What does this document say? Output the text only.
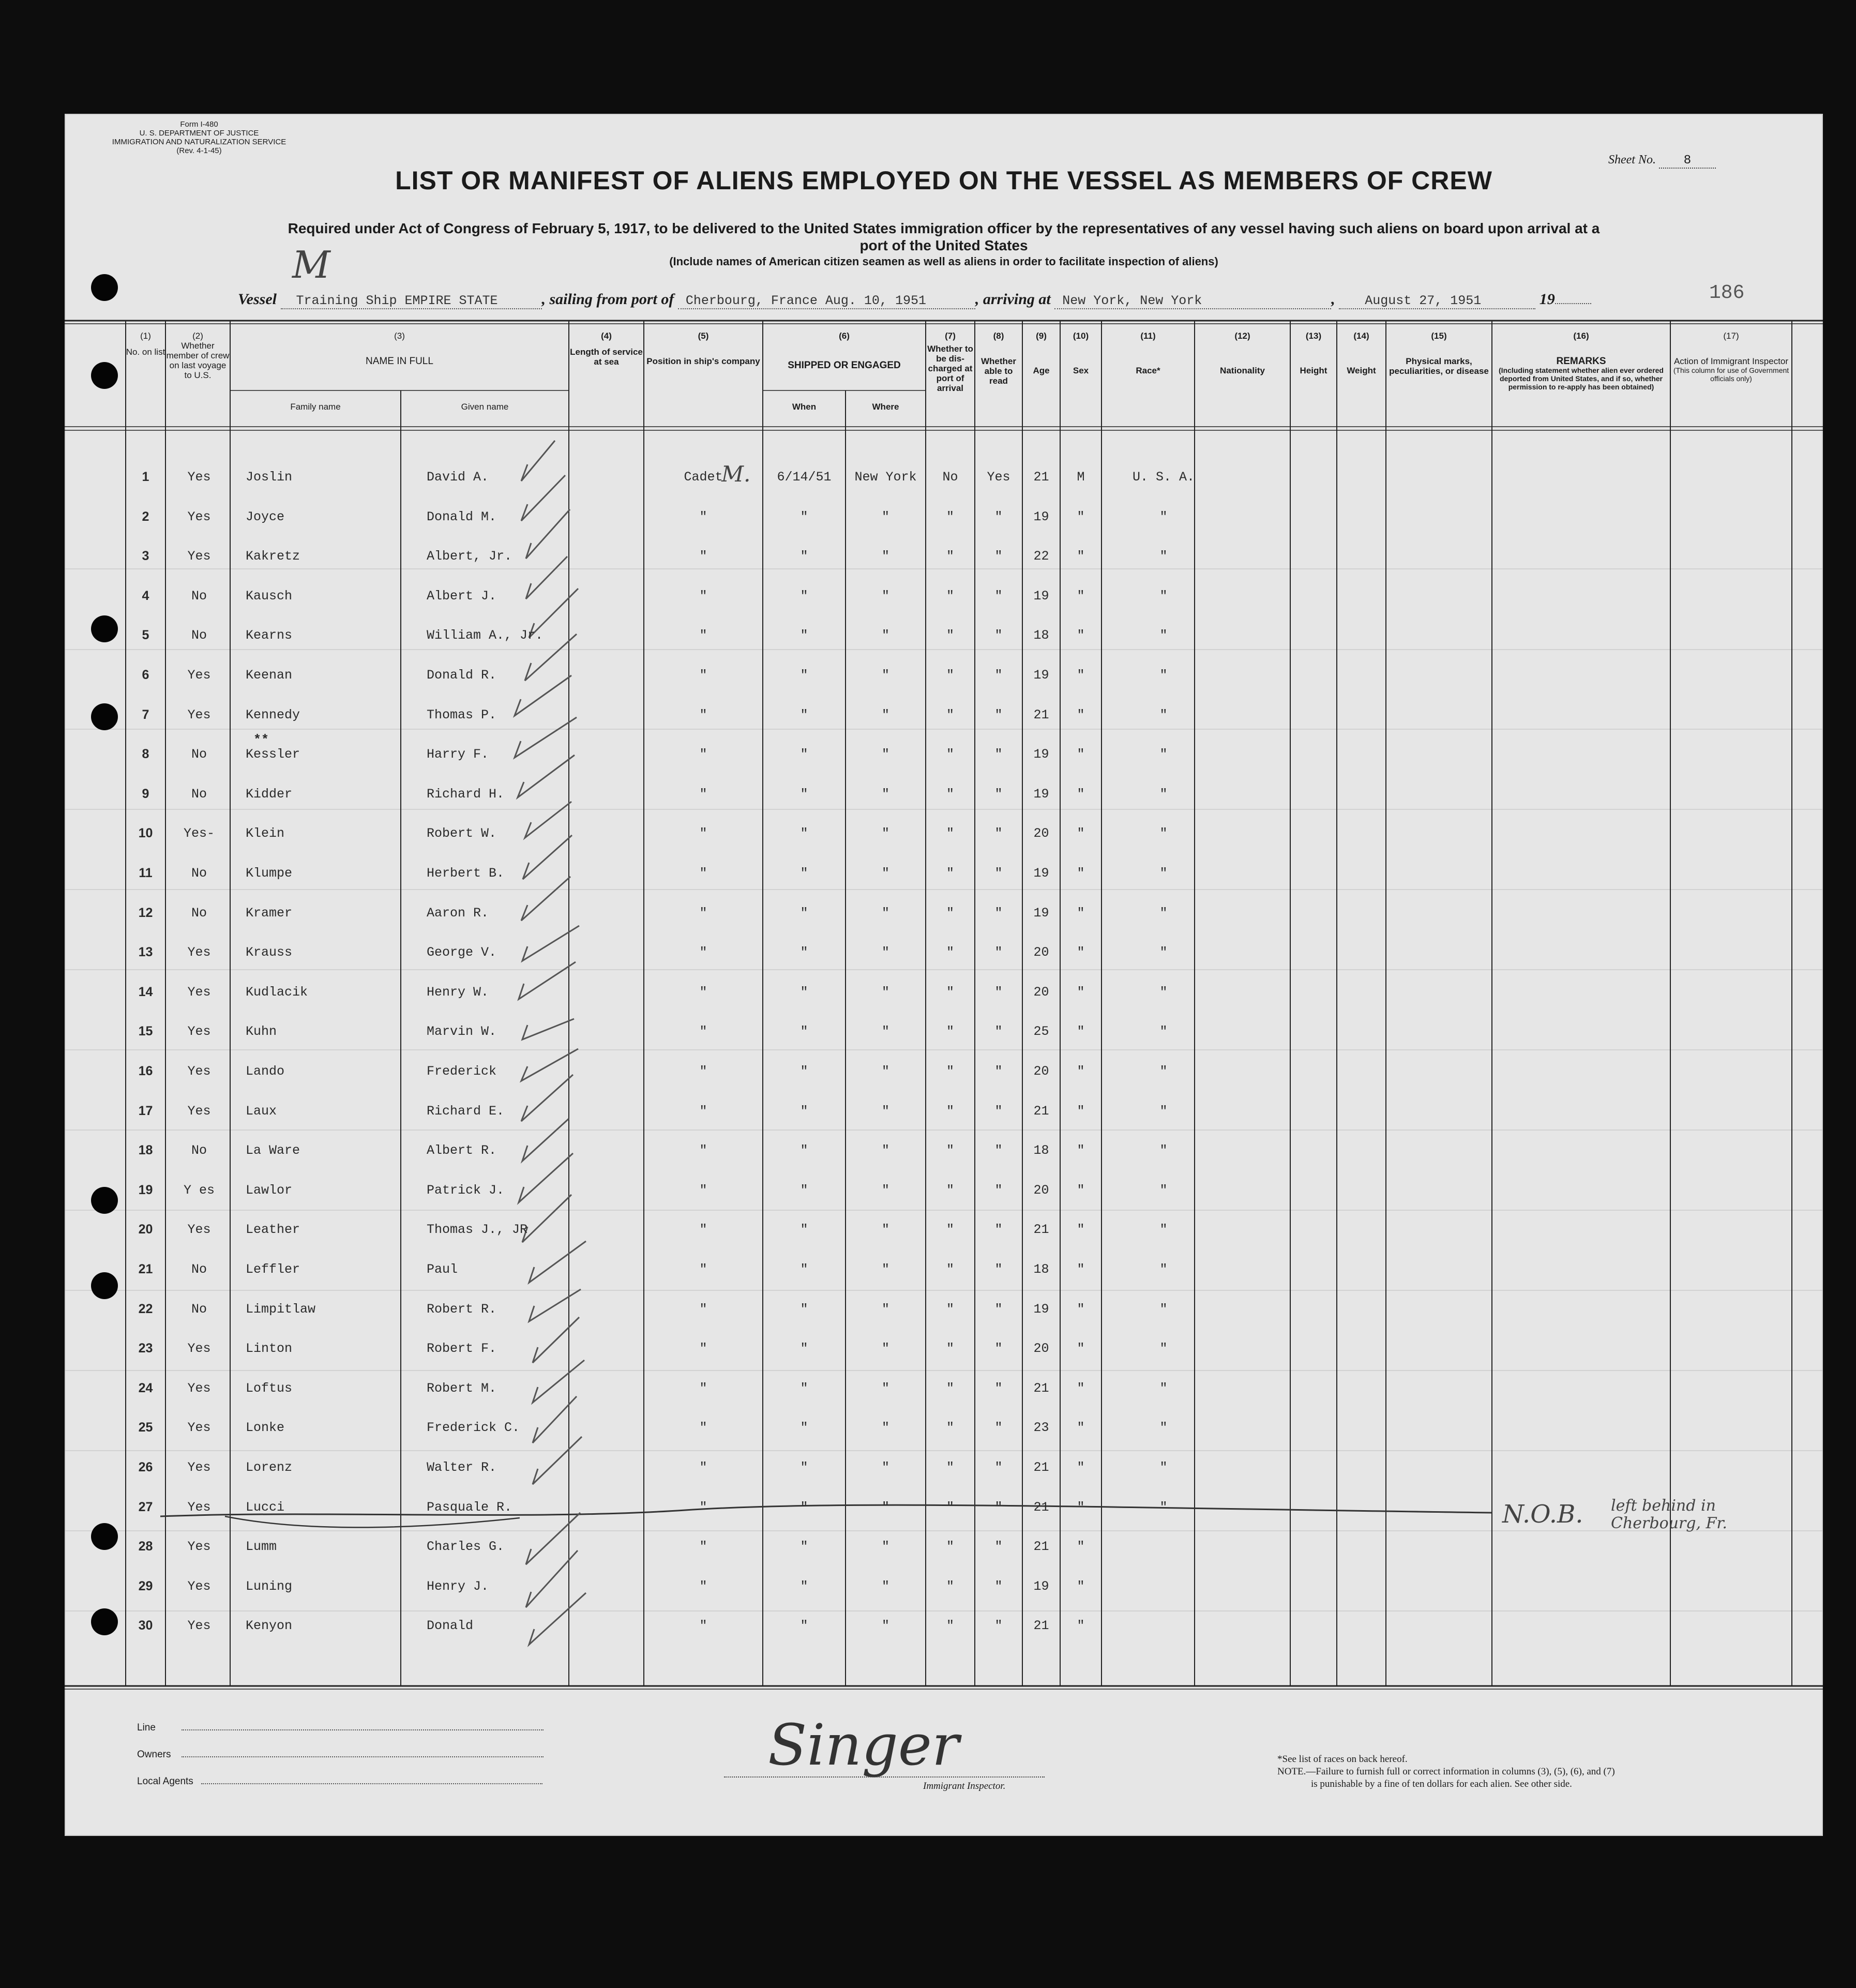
Form I-480
U. S. DEPARTMENT OF JUSTICE
IMMIGRATION AND NATURALIZATION SERVICE
(Rev. 4-1-45)
Sheet No. 8
LIST OR MANIFEST OF ALIENS EMPLOYED ON THE VESSEL AS MEMBERS OF CREW
Required under Act of Congress of February 5, 1917, to be delivered to the United States immigration officer by the representatives of any vessel having such aliens on board upon arrival at a
port of the United States
(Include names of American citizen seamen as well as aliens in order to facilitate inspection of aliens)
Vessel Training Ship EMPIRE STATE	, sailing from port of Cherbourg, France Aug. 10, 1951	, arriving at New York, New York	, August 27, 1951	19
M
186
(1)
No. on list
(2)
Whether member of crew on last voyage to U.S.
(3)
NAME IN FULL
Family name	Given name
(4)
Length of service at sea
(5)
Position in ship's company
(6)
SHIPPED OR ENGAGED
When	Where
(7)
Whether to be dis-charged at port of arrival
(8)
Whether able to read
(9)
Age
(10)
Sex
(11)
Race*
(12)
Nationality
(13)
Height
(14)
Weight
(15)
Physical marks, peculiarities, or disease
(16)
REMARKS
(Including statement whether alien ever ordered deported from United States, and if so, whether permission to re-apply has been obtained)
(17)
Action of Immigrant Inspector
(This column for use of Government officials only)
1	Yes	Joslin	David A.	Cadet	6/14/51	New York	No	Yes	21	M	U. S. A.
M.
2	Yes	Joyce	Donald M.	"	"	"	"	"	19	"	"
3	Yes	Kakretz	Albert, Jr.	"	"	"	"	"	22	"	"
4	No	Kausch	Albert J.	"	"	"	"	"	19	"	"
5	No	Kearns	William A., Jr.	"	"	"	"	"	18	"	"
6	Yes	Keenan	Donald R.	"	"	"	"	"	19	"	"
7	Yes	Kennedy	Thomas P.	"	"	"	"	"	21	"	"
8	No	Kessler	Harry F.	"	"	"	"	"	19	"	"
**
9	No	Kidder	Richard H.	"	"	"	"	"	19	"	"
10	Yes-	Klein	Robert W.	"	"	"	"	"	20	"	"
11	No	Klumpe	Herbert B.	"	"	"	"	"	19	"	"
12	No	Kramer	Aaron R.	"	"	"	"	"	19	"	"
13	Yes	Krauss	George V.	"	"	"	"	"	20	"	"
14	Yes	Kudlacik	Henry W.	"	"	"	"	"	20	"	"
15	Yes	Kuhn	Marvin W.	"	"	"	"	"	25	"	"
16	Yes	Lando	Frederick	"	"	"	"	"	20	"	"
17	Yes	Laux	Richard E.	"	"	"	"	"	21	"	"
18	No	La Ware	Albert R.	"	"	"	"	"	18	"	"
19	Y es	Lawlor	Patrick J.	"	"	"	"	"	20	"	"
20	Yes	Leather	Thomas J., JR	"	"	"	"	"	21	"	"
21	No	Leffler	Paul	"	"	"	"	"	18	"	"
22	No	Limpitlaw	Robert R.	"	"	"	"	"	19	"	"
23	Yes	Linton	Robert F.	"	"	"	"	"	20	"	"
24	Yes	Loftus	Robert M.	"	"	"	"	"	21	"	"
25	Yes	Lonke	Frederick C.	"	"	"	"	"	23	"	"
26	Yes	Lorenz	Walter R.	"	"	"	"	"	21	"	"
27	Yes	Lucci	Pasquale R.	"	"	"	"	"	21	"	"
28	Yes	Lumm	Charles G.	"	"	"	"	"	21	"
29	Yes	Luning	Henry J.	"	"	"	"	"	19	"
30	Yes	Kenyon	Donald	"	"	"	"	"	21	"
N.O.B. left behind in Cherbourg, Fr.
Line
Owners
Local Agents
Singer
Immigrant Inspector.
*See list of races on back hereof.
NOTE.—Failure to furnish full or correct information in columns (3), (5), (6), and (7)
is punishable by a fine of ten dollars for each alien. See other side.
